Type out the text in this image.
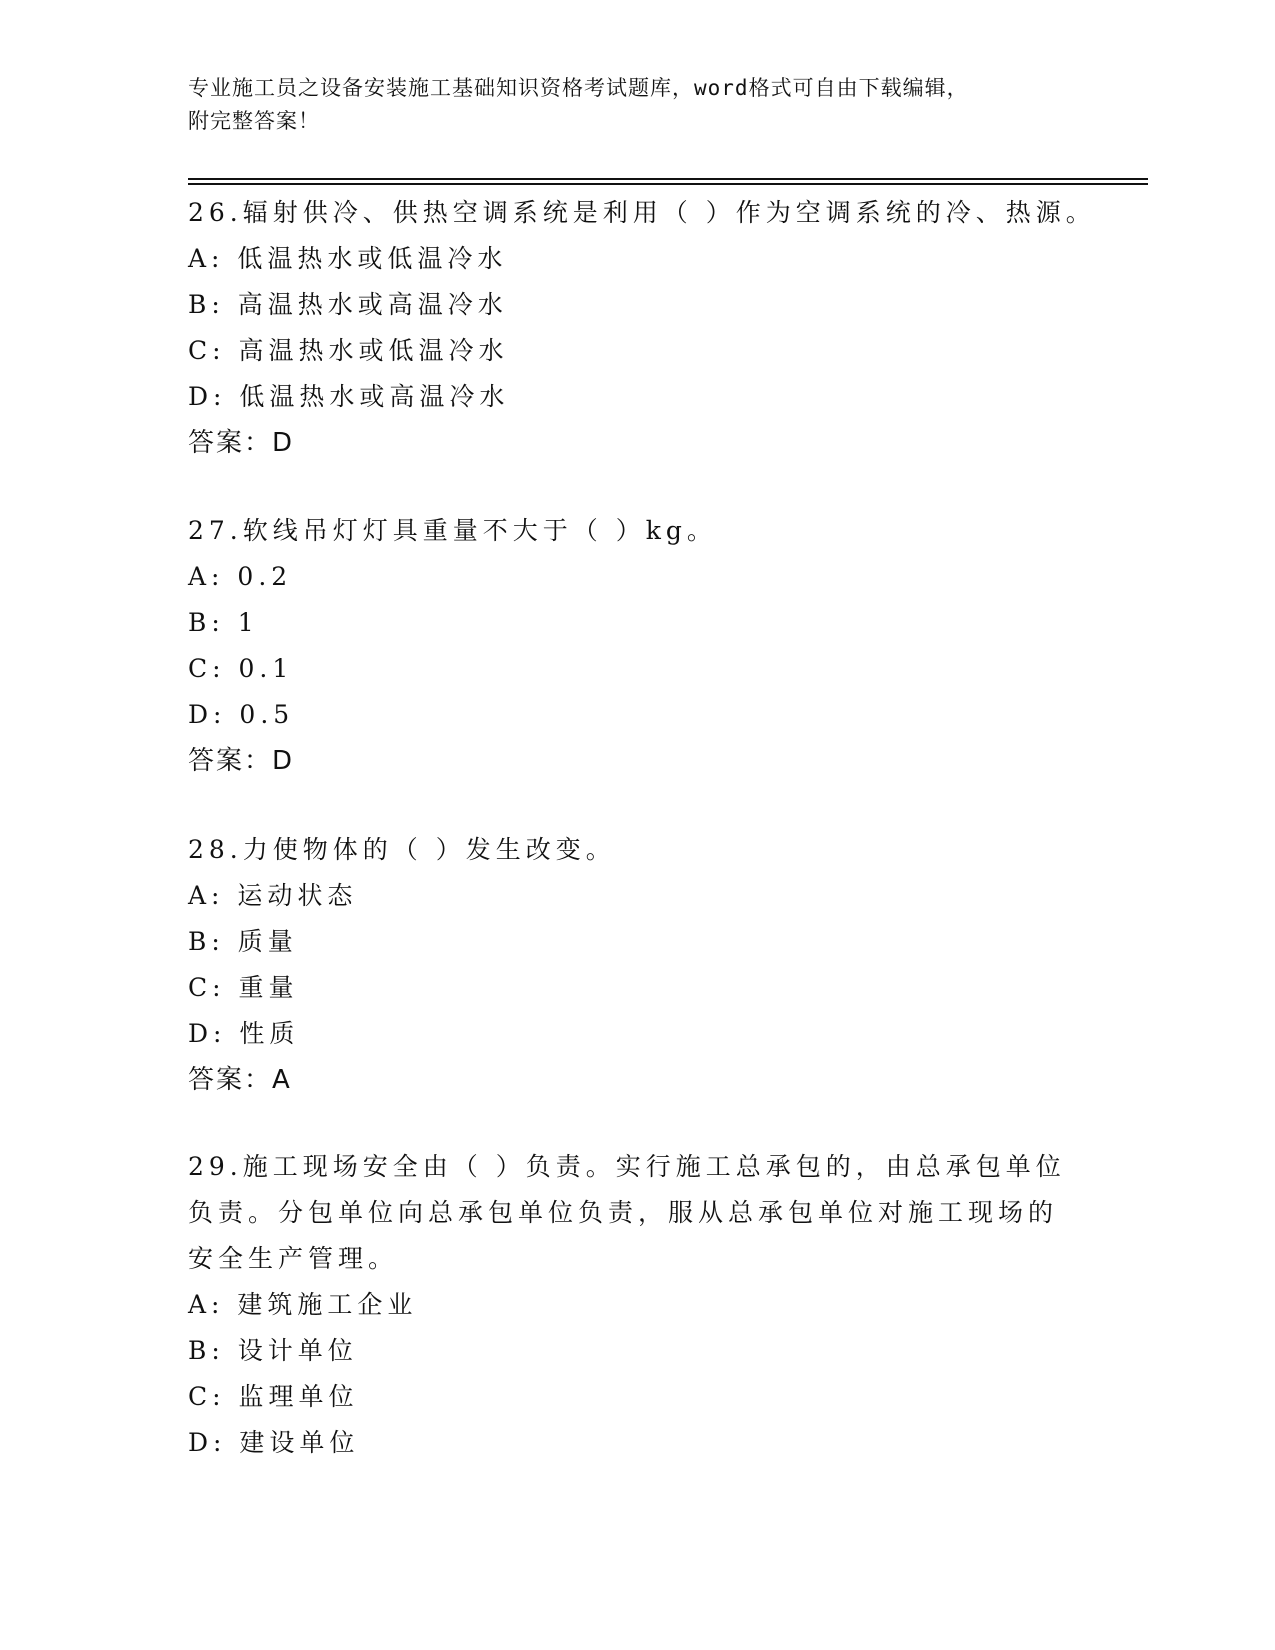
专业施工员之设备安装施工基础知识资格考试题库，word格式可自由下载编辑，
附完整答案！
26.辐射供冷、供热空调系统是利用（ ）作为空调系统的冷、热源。
A: 低温热水或低温冷水
B: 高温热水或高温冷水
C: 高温热水或低温冷水
D: 低温热水或高温冷水
答案：D
27.软线吊灯灯具重量不大于（ ）kg。
A: 0.2
B: 1
C: 0.1
D: 0.5
答案：D
28.力使物体的（ ）发生改变。
A: 运动状态
B: 质量
C: 重量
D: 性质
答案：A
29.施工现场安全由（ ）负责。实行施工总承包的，由总承包单位负责。分包单位向总承包单位负责，服从总承包单位对施工现场的安全生产管理。
A: 建筑施工企业
B: 设计单位
C: 监理单位
D: 建设单位
